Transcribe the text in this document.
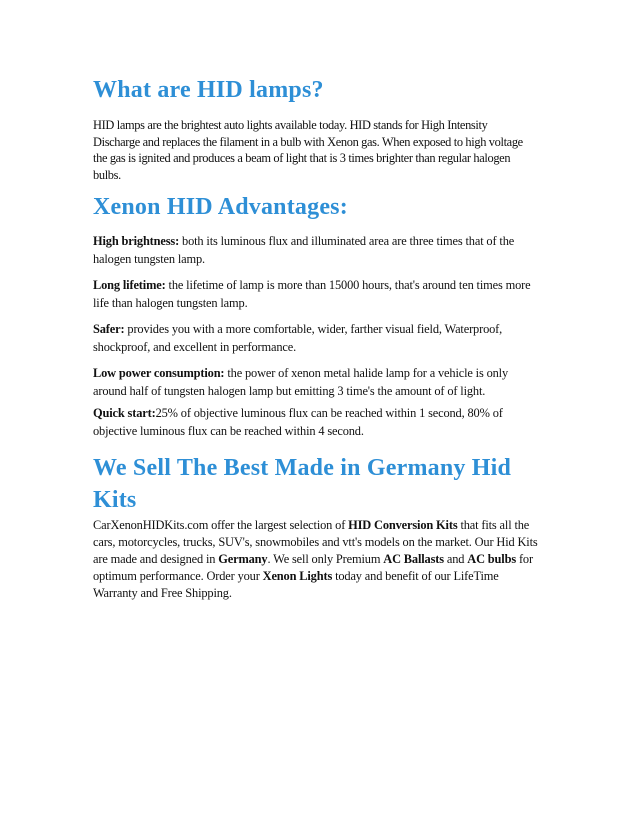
What are HID lamps?

HID lamps are the brightest auto lights available today. HID stands for High Intensity Discharge and replaces the filament in a bulb with Xenon gas. When exposed to high voltage the gas is ignited and produces a beam of light that is 3 times brighter than regular halogen bulbs.

Xenon HID Advantages:

High brightness: both its luminous flux and illuminated area are three times that of the halogen tungsten lamp.

Long lifetime: the lifetime of lamp is more than 15000 hours, that's around ten times more life than halogen tungsten lamp.

Safer: provides you with a more comfortable, wider, farther visual field, Waterproof, shockproof, and excellent in performance.

Low power consumption: the power of xenon metal halide lamp for a vehicle is only around half of tungsten halogen lamp but emitting 3 time's the amount of of light.

Quick start:25% of objective luminous flux can be reached within 1 second, 80% of objective luminous flux can be reached within 4 second.

We Sell The Best Made in Germany Hid Kits

CarXenonHIDKits.com offer the largest selection of HID Conversion Kits that fits all the cars, motorcycles, trucks, SUV's, snowmobiles and vtt's models on the market. Our Hid Kits are made and designed in Germany. We sell only Premium AC Ballasts and AC bulbs for optimum performance. Order your Xenon Lights today and benefit of our LifeTime Warranty and Free Shipping.
